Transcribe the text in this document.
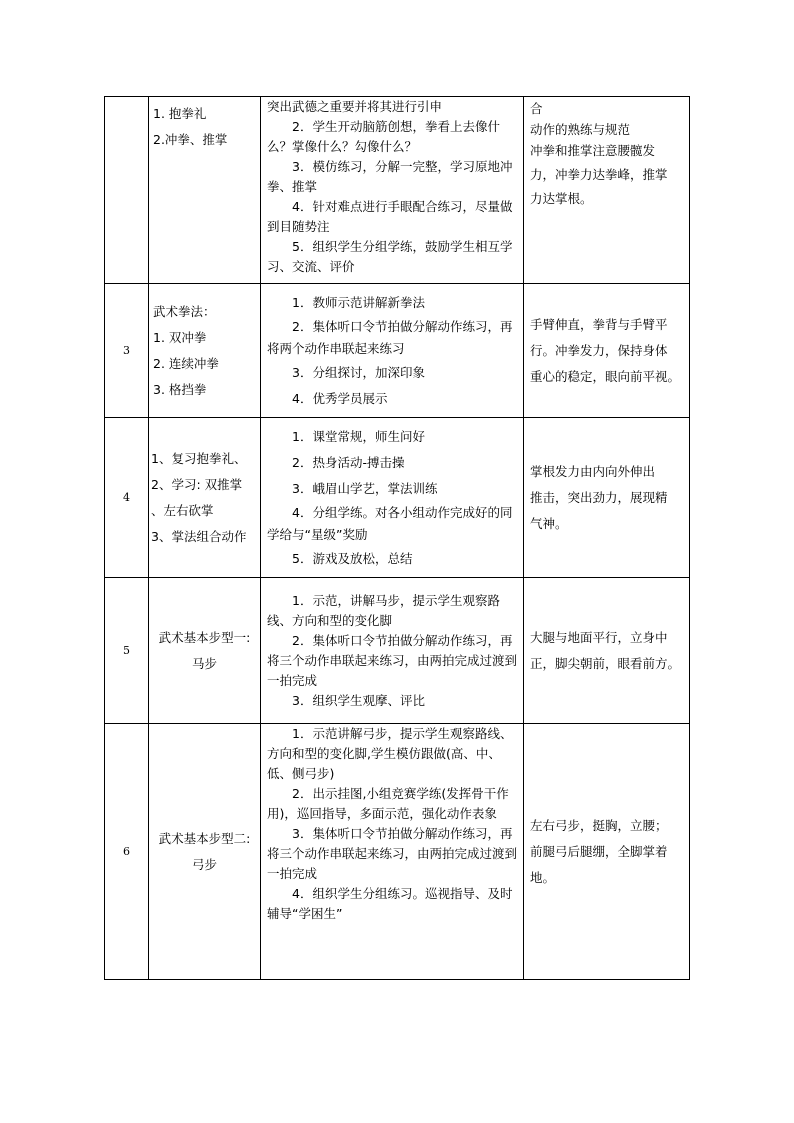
	1. 抱拳礼
2.冲拳、推掌	突出武德之重要并将其进行引申
　　2．学生开动脑筋创想，拳看上去像什么？掌像什么？勾像什么？
　　3．模仿练习，分解一完整，学习原地冲拳、推掌
　　4．针对难点进行手眼配合练习，尽量做到目随势注
　　5．组织学生分组学练，鼓励学生相互学习、交流、评价	合
动作的熟练与规范
冲拳和推掌注意腰髋发
力，冲拳力达拳峰，推掌
力达掌根。

3	武术拳法：
1. 双冲拳
2. 连续冲拳
3. 格挡拳	　　1．教师示范讲解新拳法
　　2．集体听口令节拍做分解动作练习，再将两个动作串联起来练习
　　3．分组探讨，加深印象
　　4．优秀学员展示	手臂伸直，拳背与手臂平
行。冲拳发力，保持身体
重心的稳定，眼向前平视。

4	1、复习抱拳礼、
2、学习: 双推掌
、左右砍掌
3、掌法组合动作	　　1．课堂常规，师生问好
　　2．热身活动-搏击操
　　3．峨眉山学艺，掌法训练
　　4．分组学练。对各小组动作完成好的同学给与“星级”奖励
　　5．游戏及放松，总结	掌根发力由内向外伸出
推击，突出劲力，展现精
气神。

5	武术基本步型一:
马步	　　1．示范，讲解马步，提示学生观察路线、方向和型的变化脚
　　2．集体听口令节拍做分解动作练习，再将三个动作串联起来练习，由两拍完成过渡到一拍完成
　　3．组织学生观摩、评比	大腿与地面平行，立身中
正，脚尖朝前，眼看前方。

6	武术基本步型二:
弓步	　　1．示范讲解弓步，提示学生观察路线、方向和型的变化脚,学生模仿跟做(高、中、低、侧弓步)
　　2．出示挂图,小组竞赛学练(发挥骨干作用)，巡回指导，多面示范，强化动作表象
　　3．集体听口令节拍做分解动作练习，再将三个动作串联起来练习，由两拍完成过渡到一拍完成
　　4．组织学生分组练习。巡视指导、及时辅导“学困生”	左右弓步，挺胸，立腰；
前腿弓后腿绷，全脚掌着
地。
